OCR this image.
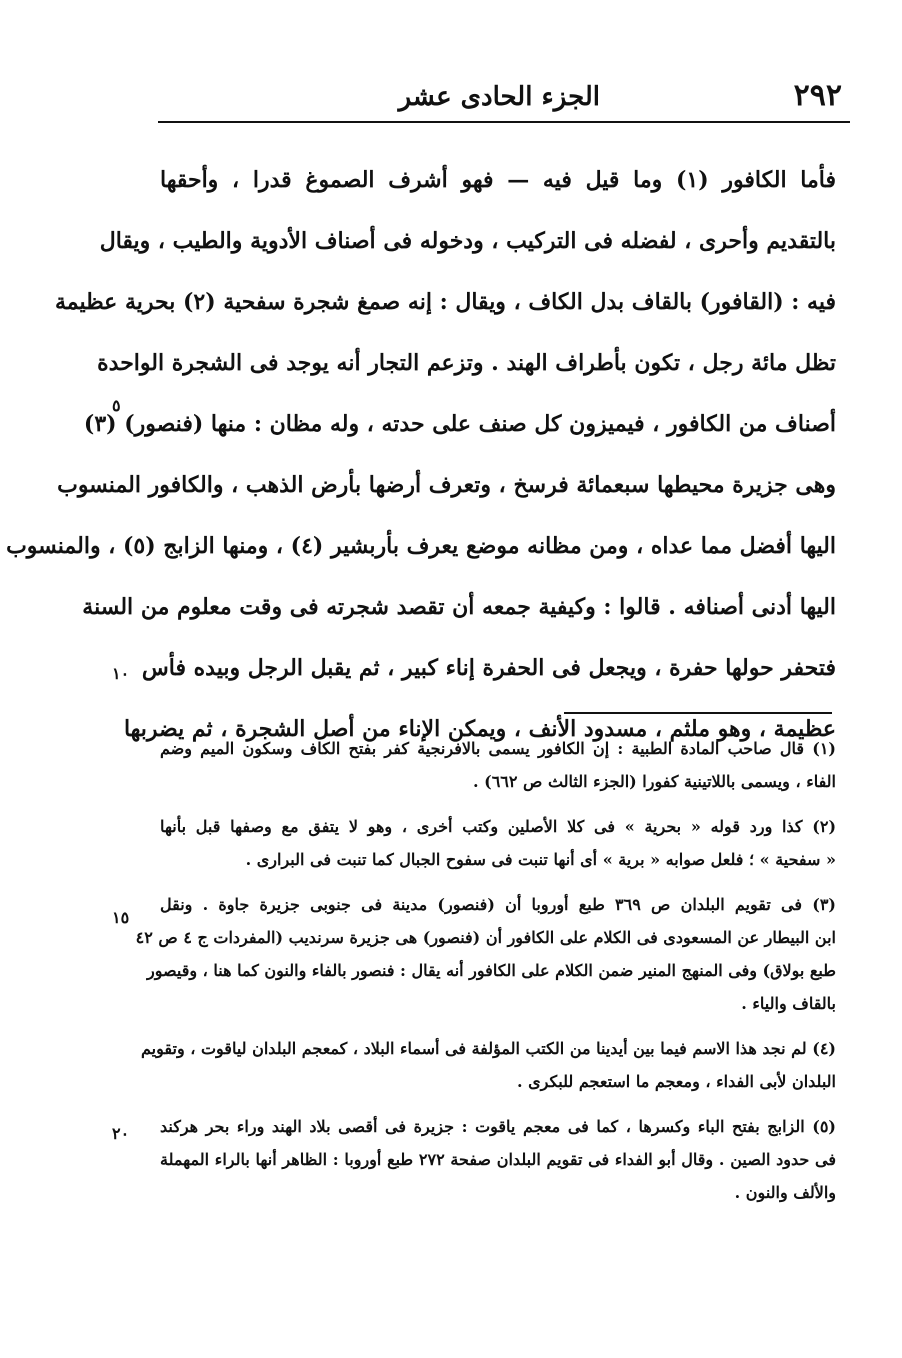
٢٩٢
الجزء الحادى عشر
فأما الكافور (١) وما قيل فيه — فهو أشرف الصموغ قدرا ، وأحقها
بالتقديم وأحرى ، لفضله فى التركيب ، ودخوله فى أصناف الأدوية والطيب ، ويقال
فيه : (القافور) بالقاف بدل الكاف ، ويقال : إنه صمغ شجرة سفحية (٢) بحرية عظيمة
تظل مائة رجل ، تكون بأطراف الهند . وتزعم التجار أنه يوجد فى الشجرة الواحدة
أصناف من الكافور ، فيميزون كل صنف على حدته ، وله مظان : منها (فنصور) (٣)
وهى جزيرة محيطها سبعمائة فرسخ ، وتعرف أرضها بأرض الذهب ، والكافور المنسوب
اليها أفضل مما عداه ، ومن مظانه موضع يعرف بأربشير (٤) ، ومنها الزابج (٥) ، والمنسوب
اليها أدنى أصنافه . قالوا : وكيفية جمعه أن تقصد شجرته فى وقت معلوم من السنة
فتحفر حولها حفرة ، ويجعل فى الحفرة إناء كبير ، ثم يقبل الرجل وبيده فأس
عظيمة ، وهو ملثم ، مسدود الأنف ، ويمكن الإناء من أصل الشجرة ، ثم يضربها
(١) قال صاحب المادة الطبية : إن الكافور يسمى بالافرنجية كفر بفتح الكاف وسكون الميم وضم
الفاء ، ويسمى باللاتينية كفورا (الجزء الثالث ص ٦٦٢) .
(٢) كذا ورد قوله « بحرية » فى كلا الأصلين وكتب أخرى ، وهو لا يتفق مع وصفها قبل بأنها
« سفحية » ؛ فلعل صوابه « برية » أى أنها تنبت فى سفوح الجبال كما تنبت فى البرارى .
(٣) فى تقويم البلدان ص ٣٦٩ طبع أوروبا أن (فنصور) مدينة فى جنوبى جزيرة جاوة . ونقل
ابن البيطار عن المسعودى فى الكلام على الكافور أن (فنصور) هى جزيرة سرنديب (المفردات ج ٤ ص ٤٢
طبع بولاق) وفى المنهج المنير ضمن الكلام على الكافور أنه يقال : فنصور بالفاء والنون كما هنا ، وقيصور
بالقاف والياء .
(٤) لم نجد هذا الاسم فيما بين أيدينا من الكتب المؤلفة فى أسماء البلاد ، كمعجم البلدان لياقوت ، وتقويم
البلدان لأبى الفداء ، ومعجم ما استعجم للبكرى .
(٥) الزابج بفتح الباء وكسرها ، كما فى معجم ياقوت : جزيرة فى أقصى بلاد الهند وراء بحر هركند
فى حدود الصين . وقال أبو الفداء فى تقويم البلدان صفحة ٢٧٢ طبع أوروبا : الظاهر أنها بالراء المهملة
والألف والنون .
٥
١٠
١٥
٢٠
